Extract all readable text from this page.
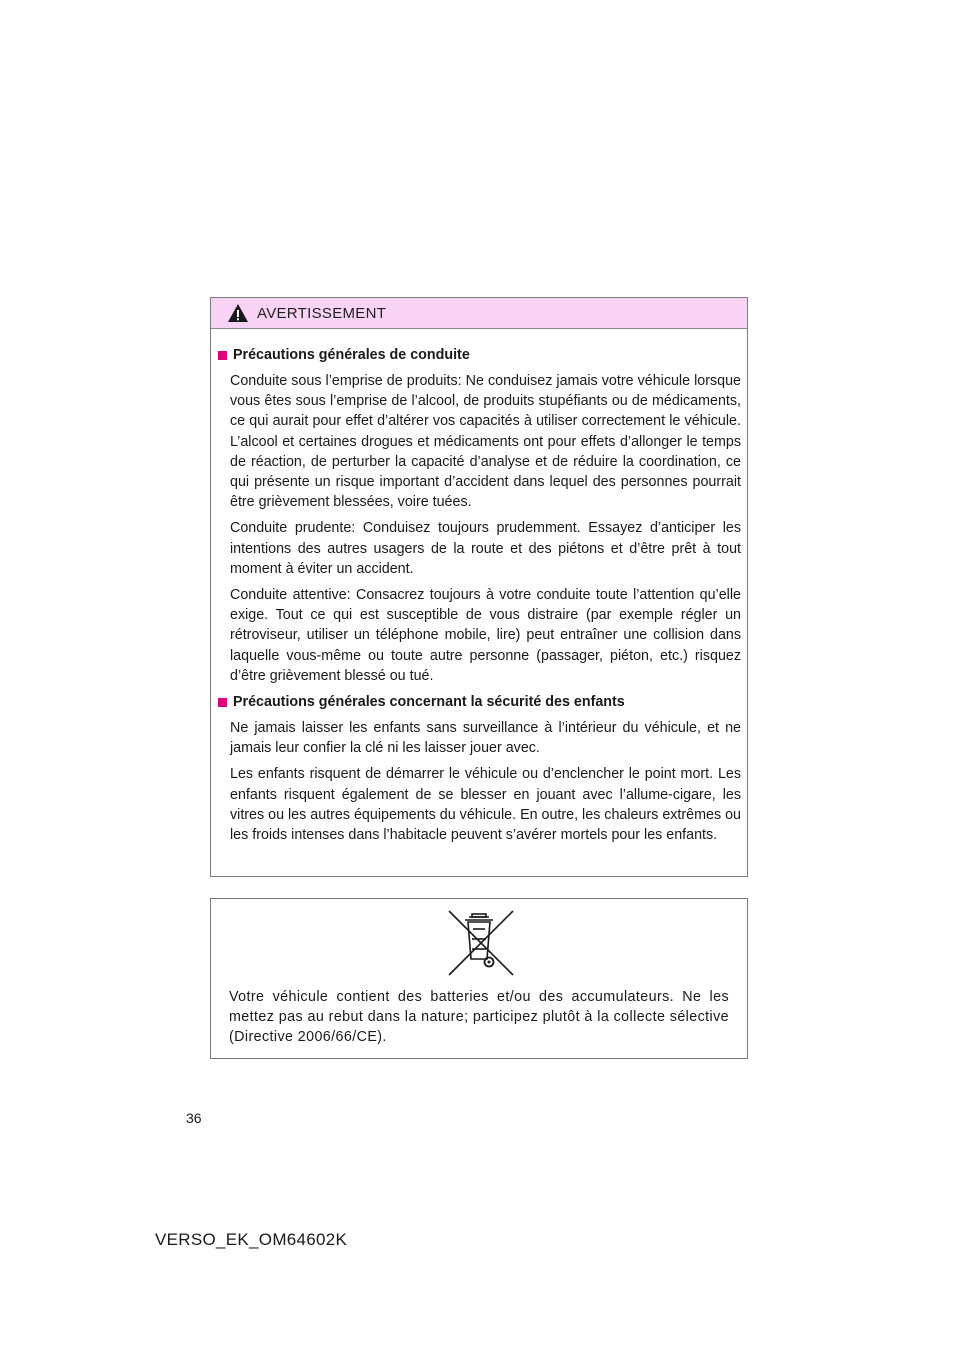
AVERTISSEMENT
Précautions générales de conduite

Conduite sous l’emprise de produits: Ne conduisez jamais votre véhicule lorsque vous êtes sous l’emprise de l’alcool, de produits stupéfiants ou de médicaments, ce qui aurait pour effet d’altérer vos capacités à utiliser correctement le véhicule. L’alcool et certaines drogues et médicaments ont pour effets d’allonger le temps de réaction, de perturber la capacité d’analyse et de réduire la coordination, ce qui présente un risque important d’accident dans lequel des personnes pourrait être grièvement blessées, voire tuées.

Conduite prudente: Conduisez toujours prudemment. Essayez d’anticiper les intentions des autres usagers de la route et des piétons et d’être prêt à tout moment à éviter un accident.

Conduite attentive: Consacrez toujours à votre conduite toute l’attention qu’elle exige. Tout ce qui est susceptible de vous distraire (par exemple régler un rétroviseur, utiliser un téléphone mobile, lire) peut entraîner une collision dans laquelle vous-même ou toute autre personne (passager, piéton, etc.) risquez d’être grièvement blessé ou tué.

Précautions générales concernant la sécurité des enfants

Ne jamais laisser les enfants sans surveillance à l’intérieur du véhicule, et ne jamais leur confier la clé ni les laisser jouer avec.

Les enfants risquent de démarrer le véhicule ou d’enclencher le point mort. Les enfants risquent également de se blesser en jouant avec l’allume-cigare, les vitres ou les autres équipements du véhicule. En outre, les chaleurs extrêmes ou les froids intenses dans l’habitacle peuvent s’avérer mortels pour les enfants.

Votre véhicule contient des batteries et/ou des accumulateurs. Ne les mettez pas au rebut dans la nature; participez plutôt à la collecte sélective (Directive 2006/66/CE).

36
VERSO_EK_OM64602K
